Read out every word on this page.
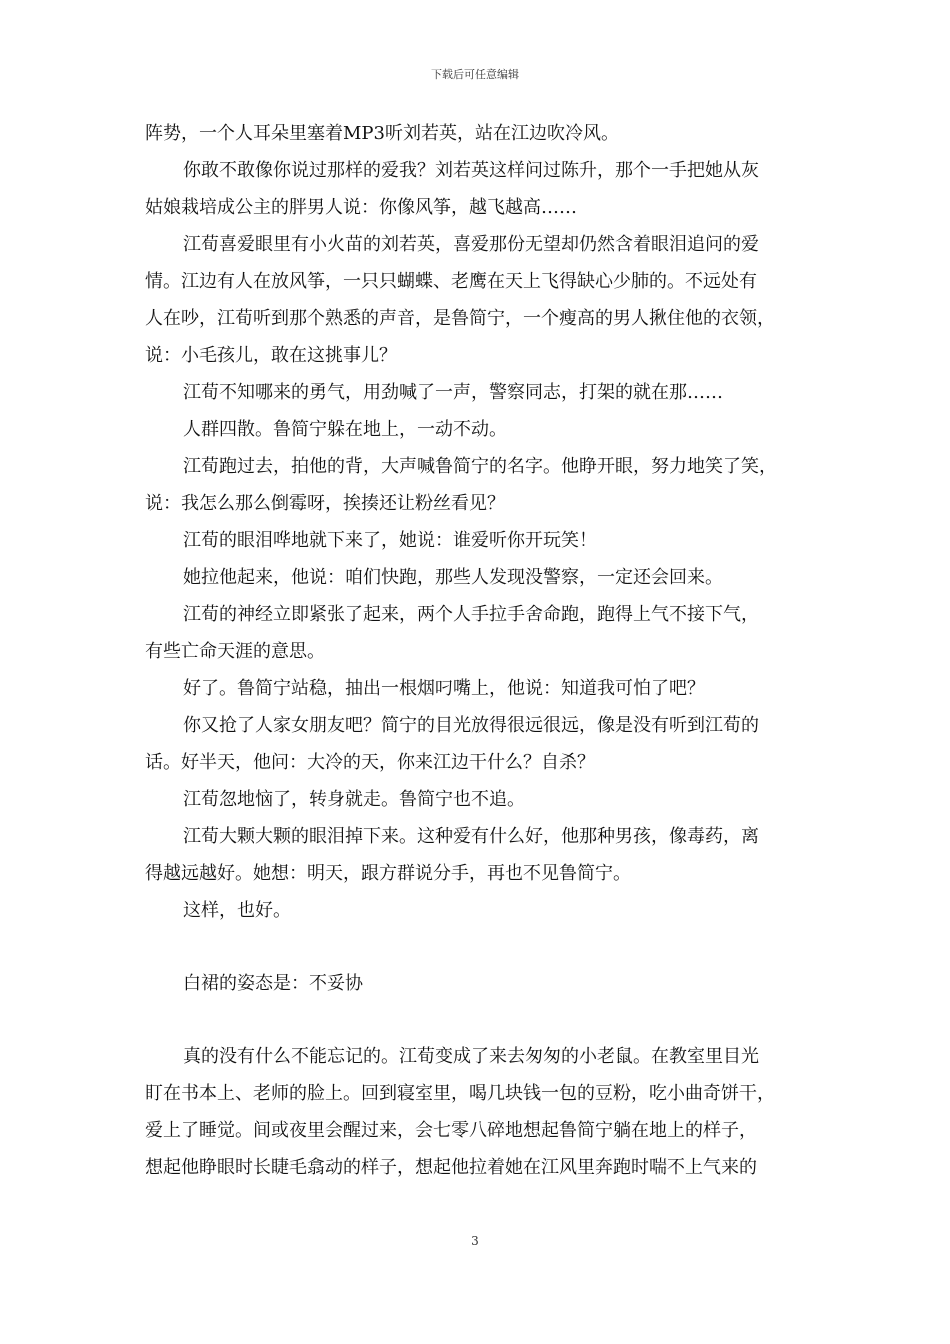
下载后可任意编辑

阵势，一个人耳朵里塞着MP3听刘若英，站在江边吹冷风。

你敢不敢像你说过那样的爱我？刘若英这样问过陈升，那个一手把她从灰

姑娘栽培成公主的胖男人说：你像风筝，越飞越高……

江荀喜爱眼里有小火苗的刘若英，喜爱那份无望却仍然含着眼泪追问的爱

情。江边有人在放风筝，一只只蝴蝶、老鹰在天上飞得缺心少肺的。不远处有

人在吵，江荀听到那个熟悉的声音，是鲁简宁，一个瘦高的男人揪住他的衣领，

说：小毛孩儿，敢在这挑事儿？

江荀不知哪来的勇气，用劲喊了一声，警察同志，打架的就在那……

人群四散。鲁简宁躲在地上，一动不动。

江荀跑过去，拍他的背，大声喊鲁简宁的名字。他睁开眼，努力地笑了笑，

说：我怎么那么倒霉呀，挨揍还让粉丝看见？

江荀的眼泪哗地就下来了，她说：谁爱听你开玩笑！

她拉他起来，他说：咱们快跑，那些人发现没警察，一定还会回来。

江荀的神经立即紧张了起来，两个人手拉手舍命跑，跑得上气不接下气，

有些亡命天涯的意思。

好了。鲁简宁站稳，抽出一根烟叼嘴上，他说：知道我可怕了吧？

你又抢了人家女朋友吧？简宁的目光放得很远很远，像是没有听到江荀的

话。好半天，他问：大冷的天，你来江边干什么？自杀？

江荀忽地恼了，转身就走。鲁简宁也不追。

江荀大颗大颗的眼泪掉下来。这种爱有什么好，他那种男孩，像毒药，离

得越远越好。她想：明天，跟方群说分手，再也不见鲁简宁。

这样，也好。

白裙的姿态是：不妥协

真的没有什么不能忘记的。江荀变成了来去匆匆的小老鼠。在教室里目光

盯在书本上、老师的脸上。回到寝室里，喝几块钱一包的豆粉，吃小曲奇饼干，

爱上了睡觉。间或夜里会醒过来，会七零八碎地想起鲁简宁躺在地上的样子，

想起他睁眼时长睫毛翕动的样子，想起他拉着她在江风里奔跑时喘不上气来的

3
